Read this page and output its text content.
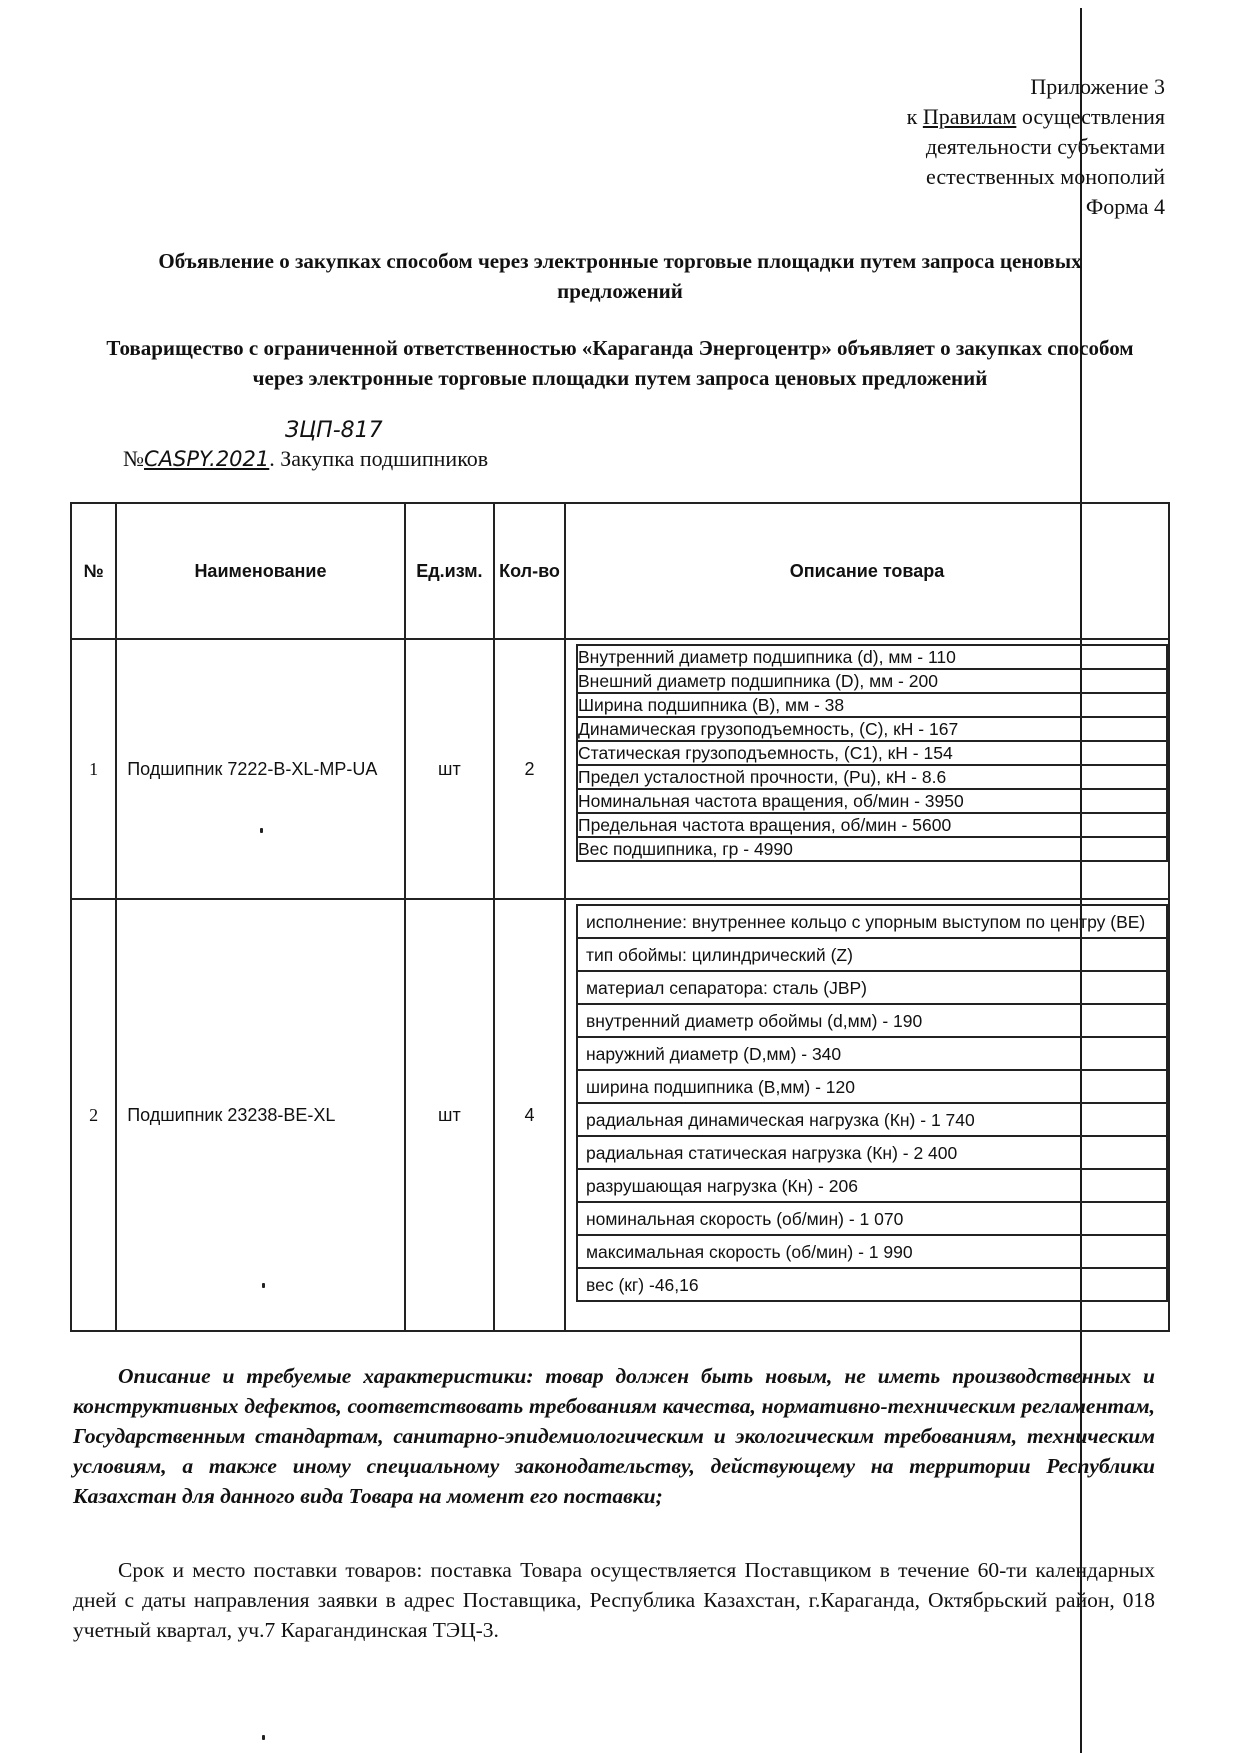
Приложение 3
к Правилам осуществления
деятельности субъектами
естественных монополий
Форма 4
Объявление о закупках способом через электронные торговые площадки путем запроса ценовых предложений
Товарищество с ограниченной ответственностью «Караганда Энергоцентр» объявляет о закупках способом через электронные торговые площадки путем запроса ценовых предложений
ЗЦП-817
№CASPY.2021. Закупка подшипников
№	Наименование	Ед.изм.	Кол-во	Описание товара
1	Подшипник 7222-B-XL-MP-UA	шт	2	
Внутренний диаметр подшипника (d), мм - 110
Внешний диаметр подшипника (D), мм - 200
Ширина подшипника (B), мм - 38
Динамическая грузоподъемность, (C), кН - 167
Статическая грузоподъемность, (C1), кН - 154
Предел усталостной прочности, (Pu), кН - 8.6
Номинальная частота вращения, об/мин - 3950
Предельная частота вращения, об/мин - 5600
Вес подшипника, гр - 4990

2	Подшипник 23238-BE-XL	шт	4	
исполнение: внутреннее кольцо с упорным выступом по центру (BE)
тип обоймы: цилиндрический (Z)
материал сепаратора: сталь (JBP)
внутренний диаметр обоймы (d,мм) - 190
наружний диаметр (D,мм) - 340
ширина подшипника (B,мм) - 120
радиальная динамическая нагрузка (Кн) - 1 740
радиальная статическая нагрузка (Кн) - 2 400
разрушающая нагрузка (Кн) - 206
номинальная скорость (об/мин) - 1 070
максимальная скорость (об/мин) - 1 990
вес (кг) -46,16
Описание и требуемые характеристики: товар должен быть новым, не иметь производственных и конструктивных дефектов, соответствовать требованиям качества, нормативно-техническим регламентам, Государственным стандартам, санитарно-эпидемиологическим и экологическим требованиям, техническим условиям, а также иному специальному законодательству, действующему на территории Республики Казахстан для данного вида Товара на момент его поставки;
Срок и место поставки товаров: поставка Товара осуществляется Поставщиком в течение 60-ти календарных дней с даты направления заявки в адрес Поставщика, Республика Казахстан, г.Караганда, Октябрьский район, 018 учетный квартал, уч.7 Карагандинская ТЭЦ-3.
